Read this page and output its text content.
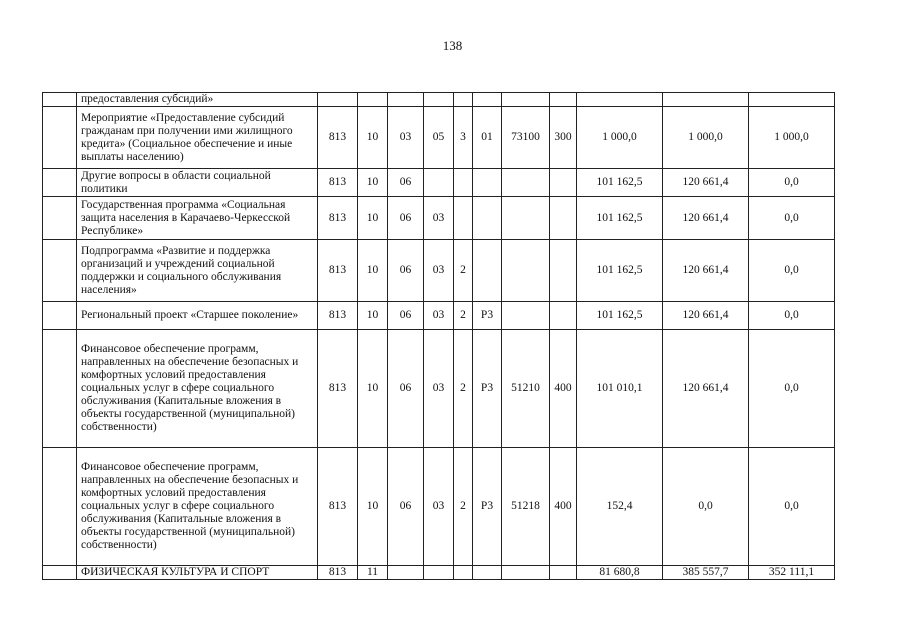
138
	предоставления субсидий»											
	Мероприятие «Предоставление субсидий гражданам при получении ими жилищного кредита» (Социальное обеспечение и иные выплаты населению)	813	10	03	05	3	01	73100	300	1 000,0	1 000,0	1 000,0
	Другие вопросы в области социальной политики	813	10	06						101 162,5	120 661,4	0,0
	Государственная программа «Социальная защита населения в Карачаево-Черкесской Республике»	813	10	06	03					101 162,5	120 661,4	0,0
	Подпрограмма «Развитие и поддержка организаций и учреждений социальной поддержки и социального обслуживания населения»	813	10	06	03	2				101 162,5	120 661,4	0,0
	Региональный проект «Старшее поколение»	813	10	06	03	2	Р3			101 162,5	120 661,4	0,0
	Финансовое обеспечение программ, направленных на обеспечение безопасных и комфортных условий предоставления социальных услуг в сфере социального обслуживания (Капитальные вложения в объекты государственной (муниципальной) собственности)	813	10	06	03	2	Р3	51210	400	101 010,1	120 661,4	0,0
	Финансовое обеспечение программ, направленных на обеспечение безопасных и комфортных условий предоставления социальных услуг в сфере социального обслуживания (Капитальные вложения в объекты государственной (муниципальной) собственности)	813	10	06	03	2	Р3	51218	400	152,4	0,0	0,0
	ФИЗИЧЕСКАЯ КУЛЬТУРА И СПОРТ	813	11							81 680,8	385 557,7	352 111,1
